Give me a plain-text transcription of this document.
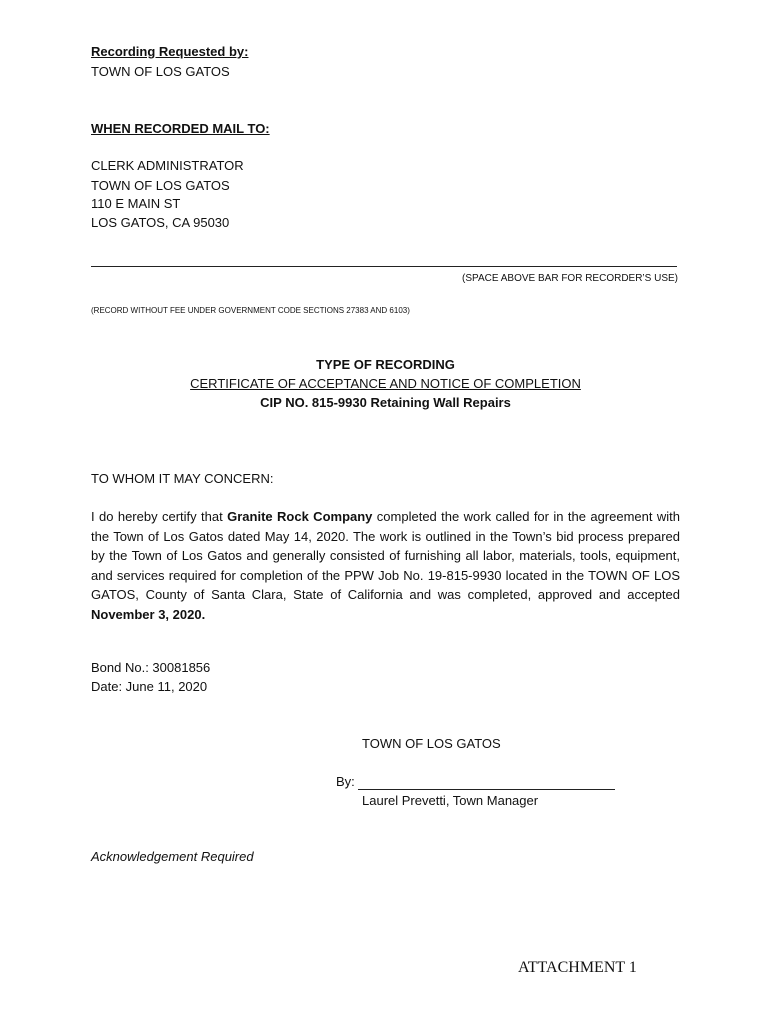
Recording Requested by:
TOWN OF LOS GATOS
WHEN RECORDED MAIL TO:
CLERK ADMINISTRATOR
TOWN OF LOS GATOS
110 E MAIN ST
LOS GATOS, CA 95030
(SPACE ABOVE BAR FOR RECORDER’S USE)
(RECORD WITHOUT FEE UNDER GOVERNMENT CODE SECTIONS 27383 AND 6103)
TYPE OF RECORDING
CERTIFICATE OF ACCEPTANCE AND NOTICE OF COMPLETION
CIP NO. 815-9930 Retaining Wall Repairs
TO WHOM IT MAY CONCERN:
I do hereby certify that Granite Rock Company completed the work called for in the agreement with the Town of Los Gatos dated May 14, 2020. The work is outlined in the Town’s bid process prepared by the Town of Los Gatos and generally consisted of furnishing all labor, materials, tools, equipment, and services required for completion of the PPW Job No. 19-815-9930 located in the TOWN OF LOS GATOS, County of Santa Clara, State of California and was completed, approved and accepted November 3, 2020.
Bond No.: 30081856
Date: June 11, 2020
TOWN OF LOS GATOS
By:
Laurel Prevetti, Town Manager
Acknowledgement Required
ATTACHMENT 1
